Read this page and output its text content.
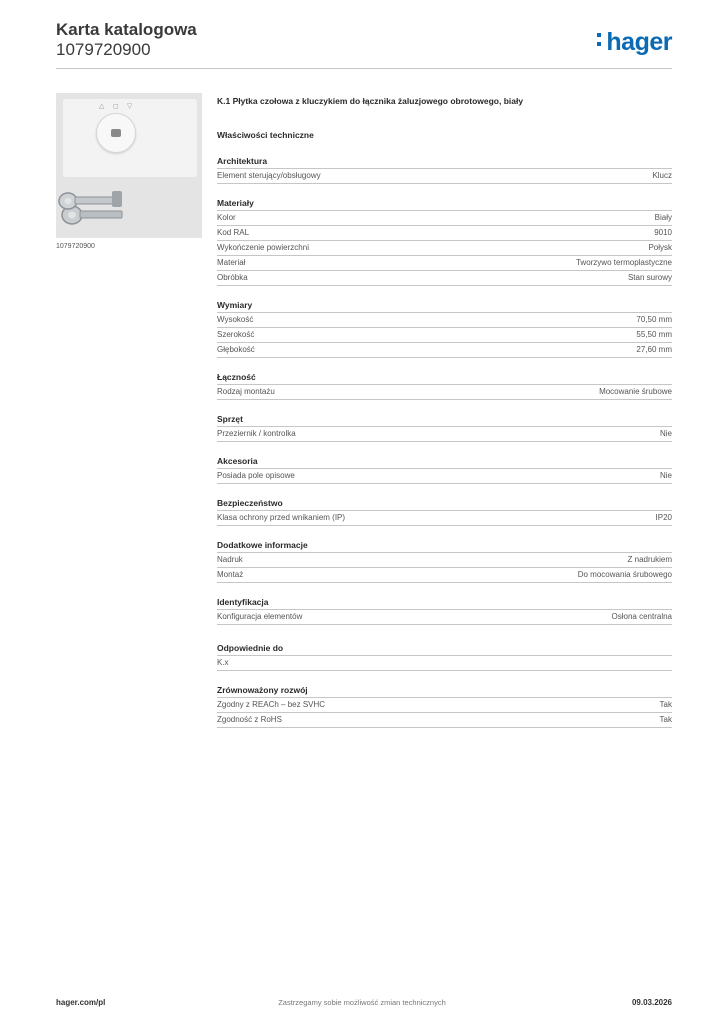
Karta katalogowa
1079720900	hager
△ ◻ ▽
1079720900
K.1 Płytka czołowa z kluczykiem do łącznika żaluzjowego obrotowego, biały
Właściwości techniczne
Architektura
Element sterujący/obsługowy	Klucz
Materiały
Kolor	Biały
Kod RAL	9010
Wykończenie powierzchni	Połysk
Materiał	Tworzywo termoplastyczne
Obróbka	Stan surowy
Wymiary
Wysokość	70,50 mm
Szerokość	55,50 mm
Głębokość	27,60 mm
Łączność
Rodzaj montażu	Mocowanie śrubowe
Sprzęt
Przeziernik / kontrolka	Nie
Akcesoria
Posiada pole opisowe	Nie
Bezpieczeństwo
Klasa ochrony przed wnikaniem (IP)	IP20
Dodatkowe informacje
Nadruk	Z nadrukiem
Montaż	Do mocowania śrubowego
Identyfikacja
Konfiguracja elementów	Osłona centralna
Odpowiednie do
K.x
Zrównoważony rozwój
Zgodny z REACh – bez SVHC	Tak
Zgodność z RoHS	Tak
hager.com/pl	Zastrzegamy sobie możliwość zmian technicznych	09.03.2026
